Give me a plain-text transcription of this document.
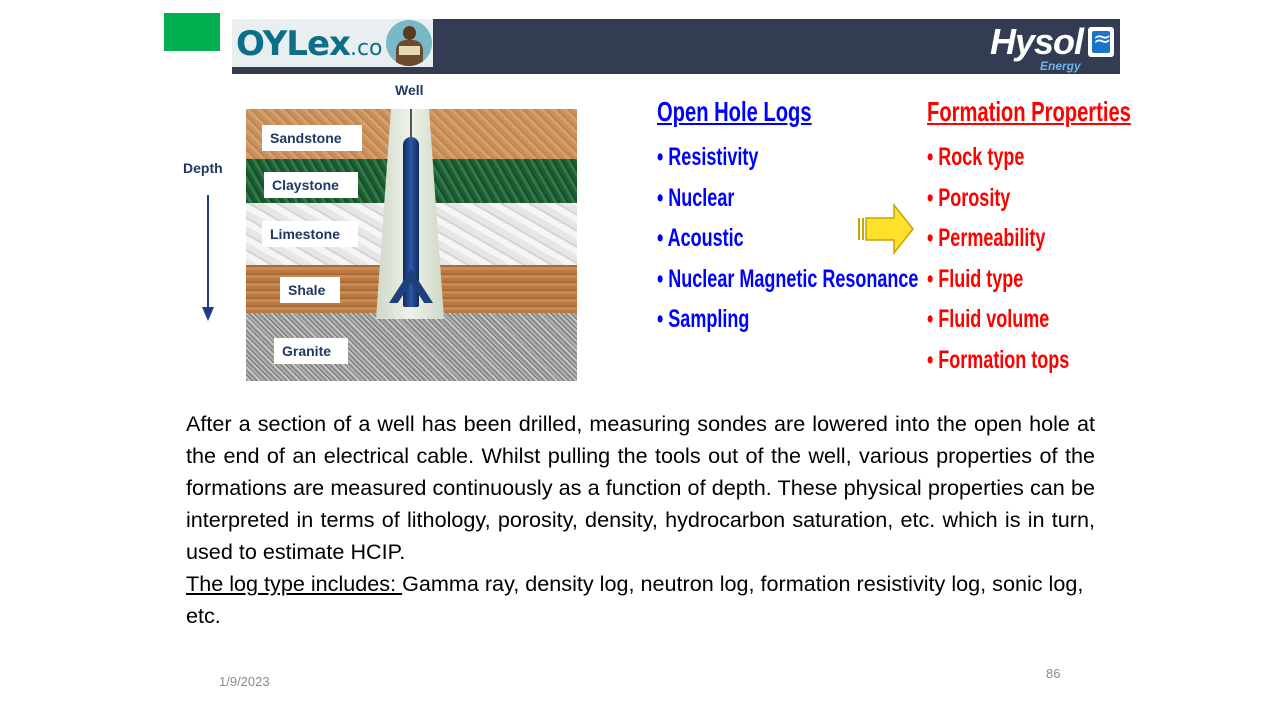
OYLex.co	Hysol
≈
Energy
Well
Depth
Sandstone
Claystone
Limestone
Shale
Granite
Open Hole Logs
• Resistivity
• Nuclear
• Acoustic
• Nuclear Magnetic Resonance
• Sampling
Formation Properties
• Rock type
• Porosity
• Permeability
• Fluid type
• Fluid volume
• Formation tops
After a section of a well has been drilled, measuring sondes are lowered into the open hole at the end of an electrical cable. Whilst pulling the tools out of the well, various properties of the formations are measured continuously as a function of depth. These physical properties can be interpreted in terms of lithology, porosity, density, hydrocarbon saturation, etc. which is in turn, used to estimate HCIP.
The log type includes: Gamma ray, density log, neutron log, formation resistivity log, sonic log, etc.
1/9/2023
86
